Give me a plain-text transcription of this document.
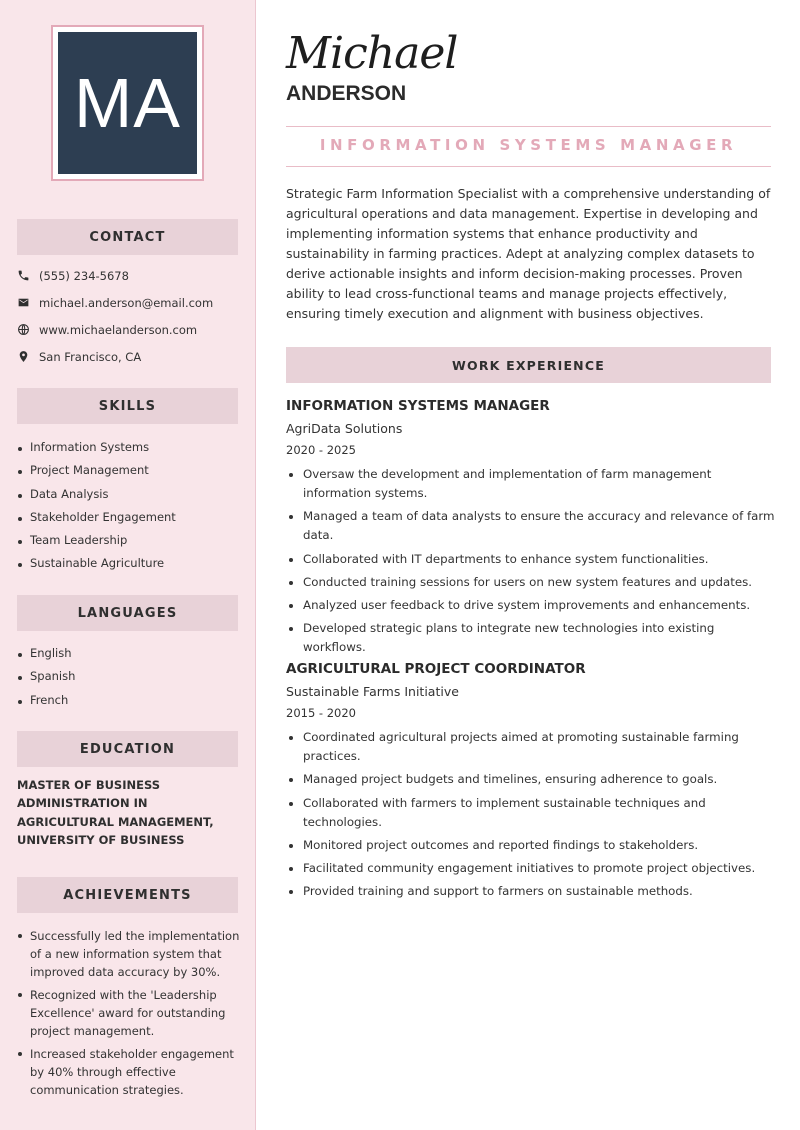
MA
CONTACT
(555) 234-5678
michael.anderson@email.com
www.michaelanderson.com
San Francisco, CA
SKILLS
Information Systems
Project Management
Data Analysis
Stakeholder Engagement
Team Leadership
Sustainable Agriculture
LANGUAGES
English
Spanish
French
EDUCATION
MASTER OF BUSINESS ADMINISTRATION IN AGRICULTURAL MANAGEMENT, UNIVERSITY OF BUSINESS
ACHIEVEMENTS
Successfully led the implementation of a new information system that improved data accuracy by 30%.
Recognized with the 'Leadership Excellence' award for outstanding project management.
Increased stakeholder engagement by 40% through effective communication strategies.
Michael
ANDERSON
INFORMATION SYSTEMS MANAGER
Strategic Farm Information Specialist with a comprehensive understanding of agricultural operations and data management. Expertise in developing and implementing information systems that enhance productivity and sustainability in farming practices. Adept at analyzing complex datasets to derive actionable insights and inform decision-making processes. Proven ability to lead cross-functional teams and manage projects effectively, ensuring timely execution and alignment with business objectives.
WORK EXPERIENCE
INFORMATION SYSTEMS MANAGER
AgriData Solutions
2020 - 2025
Oversaw the development and implementation of farm management information systems.
Managed a team of data analysts to ensure the accuracy and relevance of farm data.
Collaborated with IT departments to enhance system functionalities.
Conducted training sessions for users on new system features and updates.
Analyzed user feedback to drive system improvements and enhancements.
Developed strategic plans to integrate new technologies into existing workflows.
AGRICULTURAL PROJECT COORDINATOR
Sustainable Farms Initiative
2015 - 2020
Coordinated agricultural projects aimed at promoting sustainable farming practices.
Managed project budgets and timelines, ensuring adherence to goals.
Collaborated with farmers to implement sustainable techniques and technologies.
Monitored project outcomes and reported findings to stakeholders.
Facilitated community engagement initiatives to promote project objectives.
Provided training and support to farmers on sustainable methods.
